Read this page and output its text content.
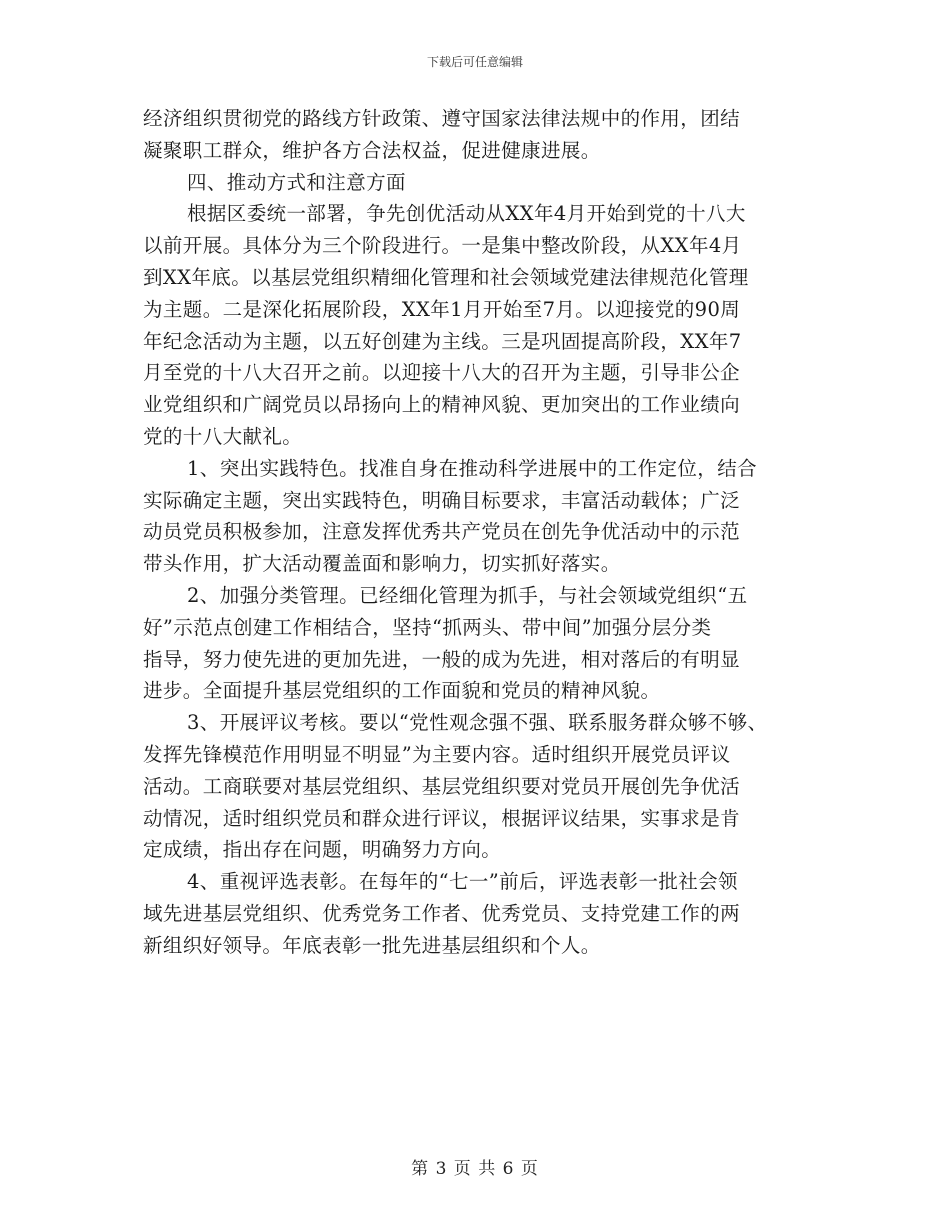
下载后可任意编辑
经济组织贯彻党的路线方针政策、遵守国家法律法规中的作用，团结
凝聚职工群众，维护各方合法权益，促进健康进展。
四、推动方式和注意方面
根据区委统一部署，争先创优活动从XX年4月开始到党的十八大
以前开展。具体分为三个阶段进行。一是集中整改阶段，从XX年4月
到XX年底。以基层党组织精细化管理和社会领域党建法律规范化管理
为主题。二是深化拓展阶段，XX年1月开始至7月。以迎接党的90周
年纪念活动为主题，以五好创建为主线。三是巩固提高阶段，XX年7
月至党的十八大召开之前。以迎接十八大的召开为主题，引导非公企
业党组织和广阔党员以昂扬向上的精神风貌、更加突出的工作业绩向
党的十八大献礼。
1、突出实践特色。找准自身在推动科学进展中的工作定位，结合
实际确定主题，突出实践特色，明确目标要求，丰富活动载体；广泛
动员党员积极参加，注意发挥优秀共产党员在创先争优活动中的示范
带头作用，扩大活动覆盖面和影响力，切实抓好落实。
2、加强分类管理。已经细化管理为抓手，与社会领域党组织“五
好”示范点创建工作相结合，坚持“抓两头、带中间”加强分层分类
指导，努力使先进的更加先进，一般的成为先进，相对落后的有明显
进步。全面提升基层党组织的工作面貌和党员的精神风貌。
3、开展评议考核。要以“党性观念强不强、联系服务群众够不够、
发挥先锋模范作用明显不明显”为主要内容。适时组织开展党员评议
活动。工商联要对基层党组织、基层党组织要对党员开展创先争优活
动情况，适时组织党员和群众进行评议，根据评议结果，实事求是肯
定成绩，指出存在问题，明确努力方向。
4、重视评选表彰。在每年的“七一”前后，评选表彰一批社会领
域先进基层党组织、优秀党务工作者、优秀党员、支持党建工作的两
新组织好领导。年底表彰一批先进基层组织和个人。
第 3 页 共 6 页
